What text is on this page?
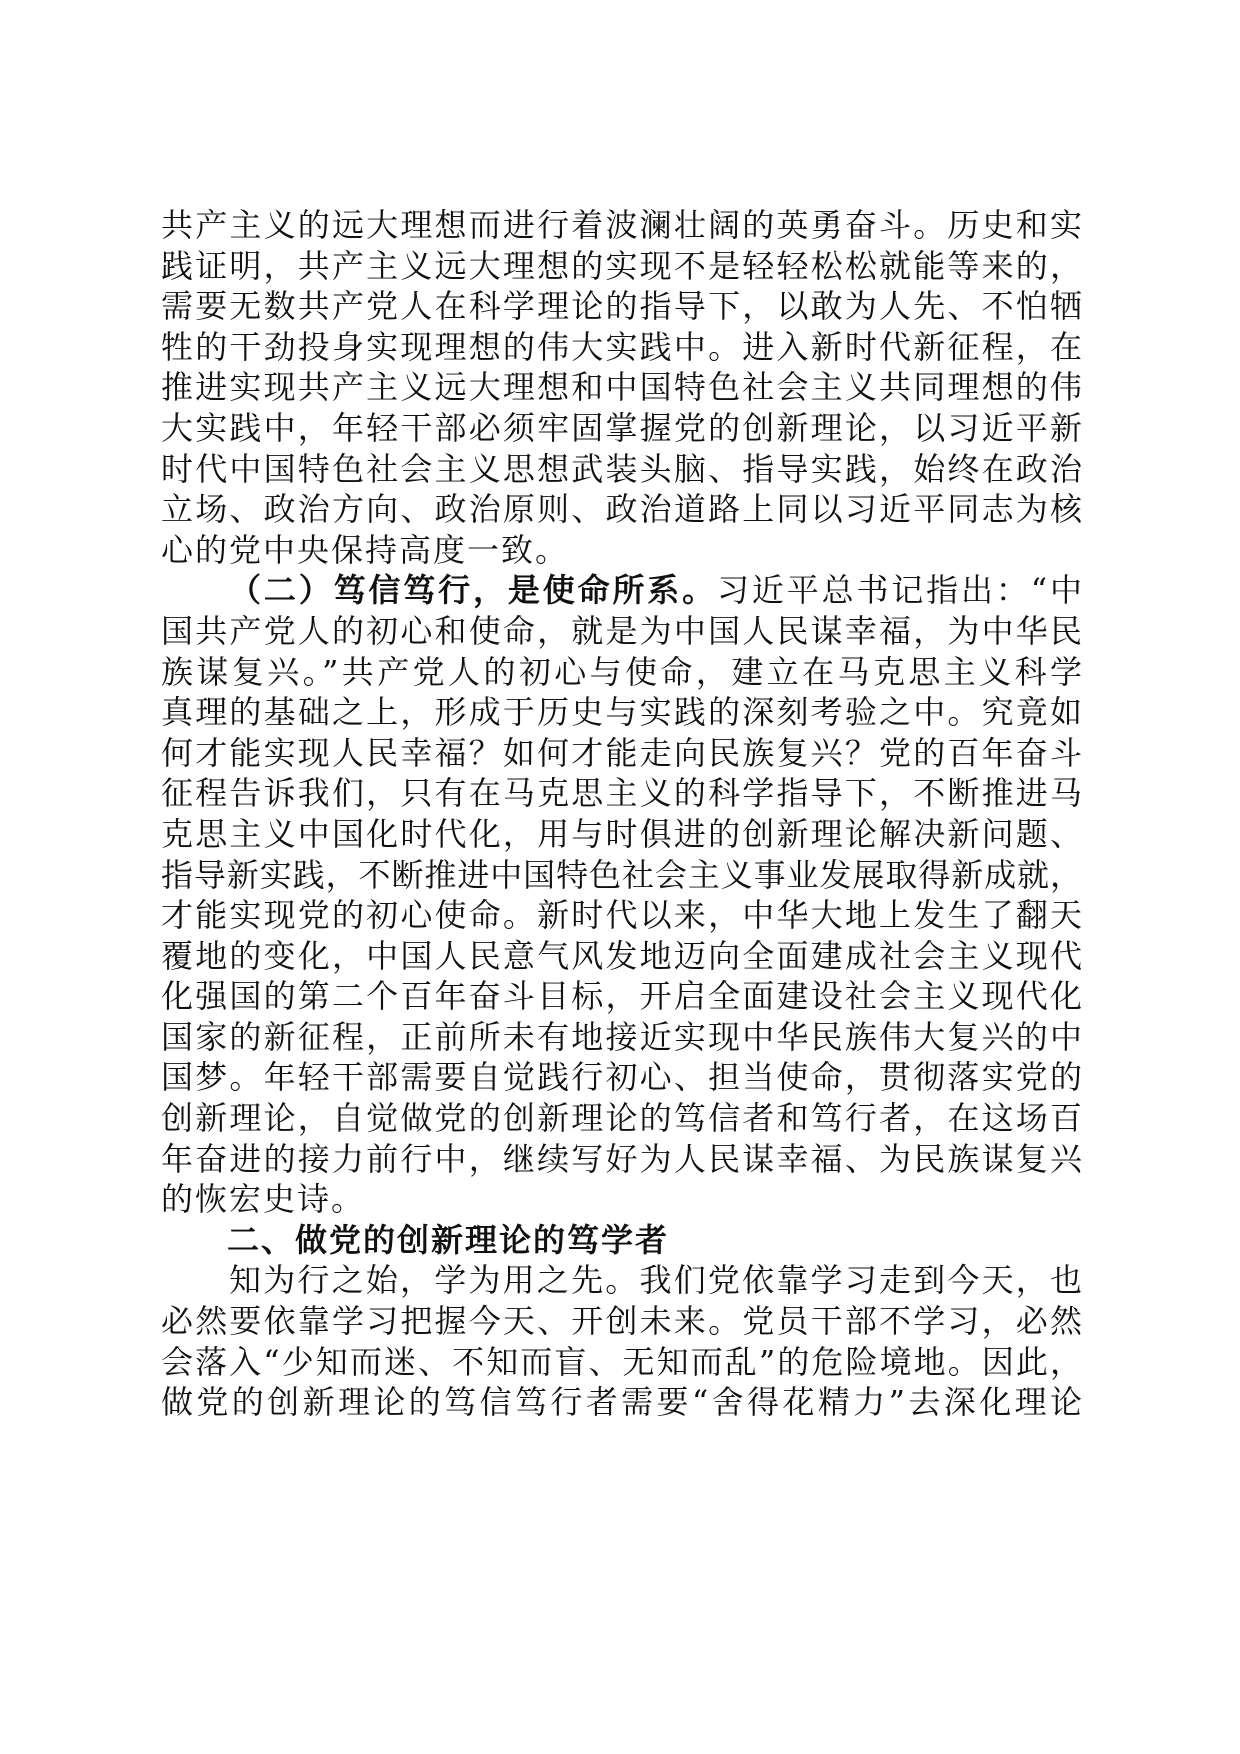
共产主义的远大理想而进行着波澜壮阔的英勇奋斗。历史和实
践证明，共产主义远大理想的实现不是轻轻松松就能等来的，
需要无数共产党人在科学理论的指导下，以敢为人先、不怕牺
牲的干劲投身实现理想的伟大实践中。进入新时代新征程，在
推进实现共产主义远大理想和中国特色社会主义共同理想的伟
大实践中，年轻干部必须牢固掌握党的创新理论，以习近平新
时代中国特色社会主义思想武装头脑、指导实践，始终在政治
立场、政治方向、政治原则、政治道路上同以习近平同志为核
心的党中央保持高度一致。
（二）笃信笃行，是使命所系。习近平总书记指出：“中
国共产党人的初心和使命，就是为中国人民谋幸福，为中华民
族谋复兴。”共产党人的初心与使命，建立在马克思主义科学
真理的基础之上，形成于历史与实践的深刻考验之中。究竟如
何才能实现人民幸福？如何才能走向民族复兴？党的百年奋斗
征程告诉我们，只有在马克思主义的科学指导下，不断推进马
克思主义中国化时代化，用与时俱进的创新理论解决新问题、
指导新实践，不断推进中国特色社会主义事业发展取得新成就，
才能实现党的初心使命。新时代以来，中华大地上发生了翻天
覆地的变化，中国人民意气风发地迈向全面建成社会主义现代
化强国的第二个百年奋斗目标，开启全面建设社会主义现代化
国家的新征程，正前所未有地接近实现中华民族伟大复兴的中
国梦。年轻干部需要自觉践行初心、担当使命，贯彻落实党的
创新理论，自觉做党的创新理论的笃信者和笃行者，在这场百
年奋进的接力前行中，继续写好为人民谋幸福、为民族谋复兴
的恢宏史诗。
二、做党的创新理论的笃学者
知为行之始，学为用之先。我们党依靠学习走到今天，也
必然要依靠学习把握今天、开创未来。党员干部不学习，必然
会落入“少知而迷、不知而盲、无知而乱”的危险境地。因此，
做党的创新理论的笃信笃行者需要“舍得花精力”去深化理论
